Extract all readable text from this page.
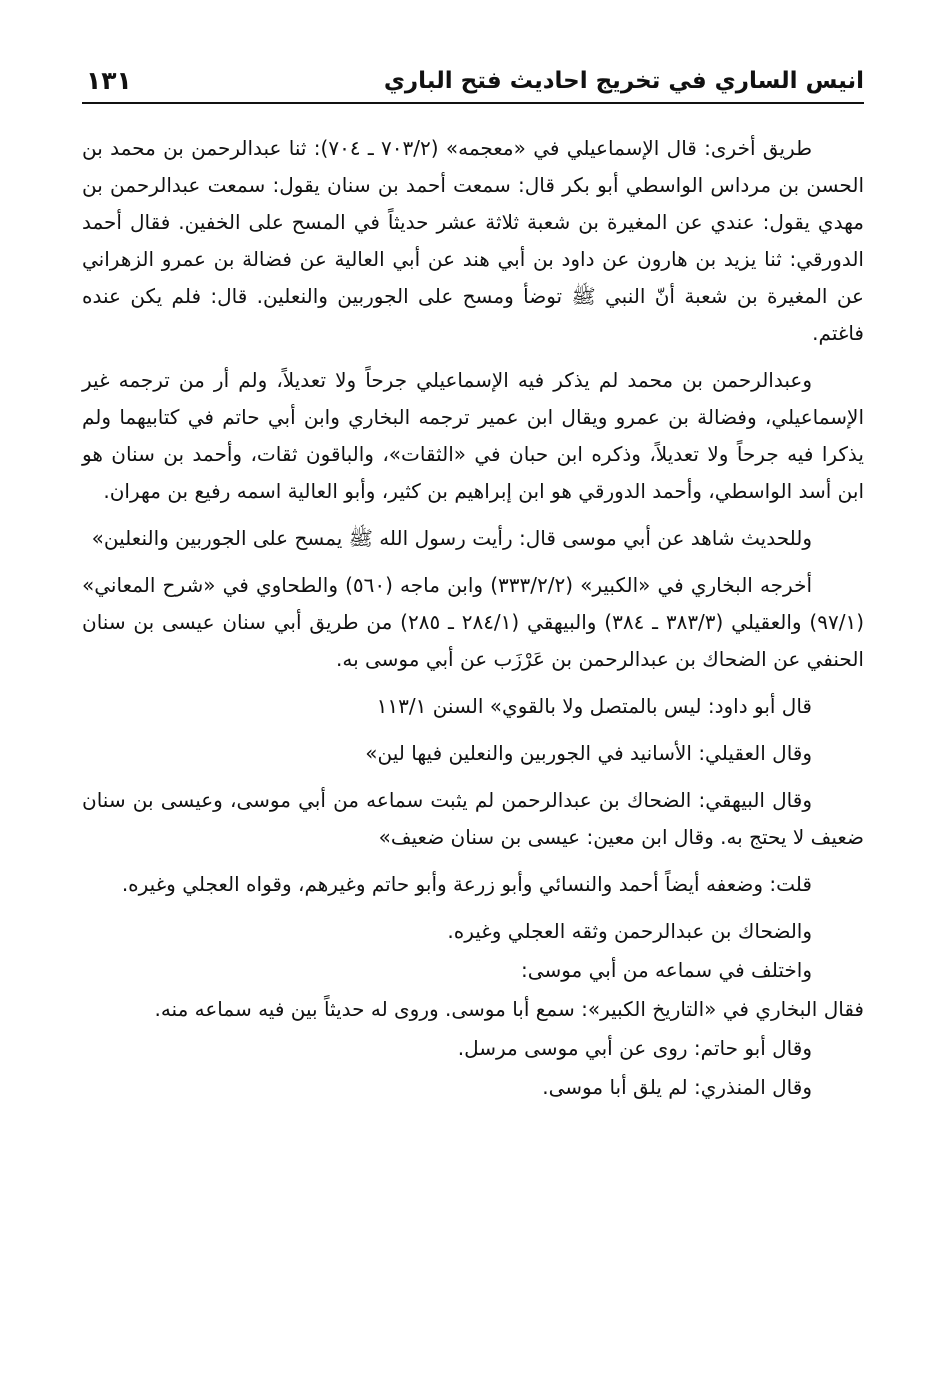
انيس الساري في تخريج احاديث فتح الباري
١٣١

طريق أخرى: قال الإسماعيلي في «معجمه» (٧٠٣/٢ ـ ٧٠٤): ثنا عبدالرحمن بن محمد بن الحسن بن مرداس الواسطي أبو بكر قال: سمعت أحمد بن سنان يقول: سمعت عبدالرحمن بن مهدي يقول: عندي عن المغيرة بن شعبة ثلاثة عشر حديثاً في المسح على الخفين. فقال أحمد الدورقي: ثنا يزيد بن هارون عن داود بن أبي هند عن أبي العالية عن فضالة بن عمرو الزهراني عن المغيرة بن شعبة أنّ النبي ﷺ توضأ ومسح على الجوربين والنعلين. قال: فلم يكن عنده فاغتم.

وعبدالرحمن بن محمد لم يذكر فيه الإسماعيلي جرحاً ولا تعديلاً، ولم أر من ترجمه غير الإسماعيلي، وفضالة بن عمرو ويقال ابن عمير ترجمه البخاري وابن أبي حاتم في كتابيهما ولم يذكرا فيه جرحاً ولا تعديلاً، وذكره ابن حبان في «الثقات»، والباقون ثقات، وأحمد بن سنان هو ابن أسد الواسطي، وأحمد الدورقي هو ابن إبراهيم بن كثير، وأبو العالية اسمه رفيع بن مهران.

وللحديث شاهد عن أبي موسى قال: رأيت رسول الله ﷺ يمسح على الجوربين والنعلين»

أخرجه البخاري في «الكبير» (٣٣٣/٢/٢) وابن ماجه (٥٦٠) والطحاوي في «شرح المعاني» (٩٧/١) والعقيلي (٣٨٣/٣ ـ ٣٨٤) والبيهقي (٢٨٤/١ ـ ٢٨٥) من طريق أبي سنان عيسى بن سنان الحنفي عن الضحاك بن عبدالرحمن بن عَرْزَب عن أبي موسى به.

قال أبو داود: ليس بالمتصل ولا بالقوي» السنن ١١٣/١

وقال العقيلي: الأسانيد في الجوربين والنعلين فيها لين»

وقال البيهقي: الضحاك بن عبدالرحمن لم يثبت سماعه من أبي موسى، وعيسى بن سنان ضعيف لا يحتج به. وقال ابن معين: عيسى بن سنان ضعيف»

قلت: وضعفه أيضاً أحمد والنسائي وأبو زرعة وأبو حاتم وغيرهم، وقواه العجلي وغيره.

والضحاك بن عبدالرحمن وثقه العجلي وغيره.

واختلف في سماعه من أبي موسى:

فقال البخاري في «التاريخ الكبير»: سمع أبا موسى. وروى له حديثاً بين فيه سماعه منه.

وقال أبو حاتم: روى عن أبي موسى مرسل.

وقال المنذري: لم يلق أبا موسى.
